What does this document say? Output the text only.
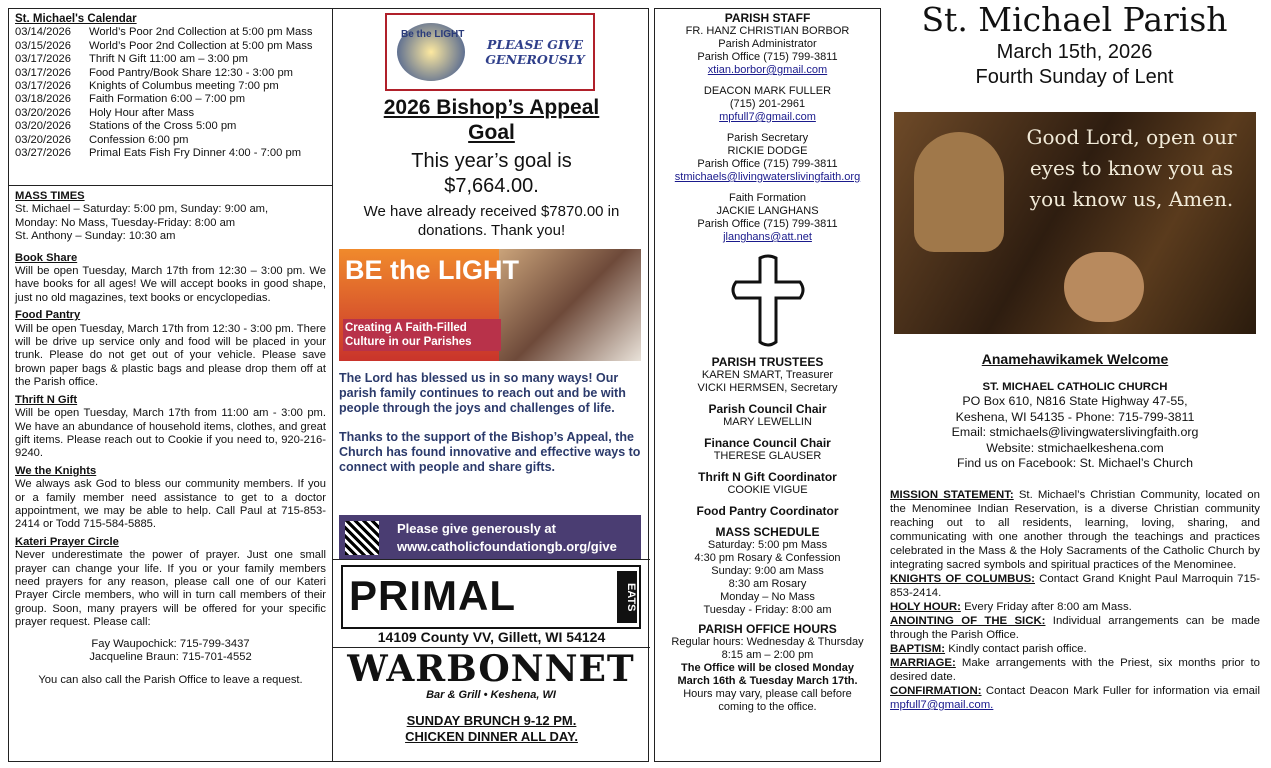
St. Michael's Calendar
03/14/2026 World’s Poor 2nd Collection at 5:00 pm Mass
03/15/2026 World’s Poor 2nd Collection at 5:00 pm Mass
03/17/2026 Thrift N Gift 11:00 am – 3:00 pm
03/17/2026 Food Pantry/Book Share 12:30 - 3:00 pm
03/17/2026 Knights of Columbus meeting 7:00 pm
03/18/2026 Faith Formation 6:00 – 7:00 pm
03/20/2026 Holy Hour after Mass
03/20/2026 Stations of the Cross 5:00 pm
03/20/2026 Confession 6:00 pm
03/27/2026 Primal Eats Fish Fry Dinner 4:00 - 7:00 pm
MASS TIMES
St. Michael – Saturday: 5:00 pm, Sunday: 9:00 am,
Monday: No Mass, Tuesday-Friday: 8:00 am
St. Anthony – Sunday: 10:30 am
Book Share
Will be open Tuesday, March 17th from 12:30 – 3:00 pm. We have books for all ages! We will accept books in good shape, just no old magazines, text books or encyclopedias.
Food Pantry
Will be open Tuesday, March 17th from 12:30 - 3:00 pm. There will be drive up service only and food will be placed in your trunk. Please do not get out of your vehicle. Please save brown paper bags & plastic bags and please drop them off at the Parish office.
Thrift N Gift
Will be open Tuesday, March 17th from 11:00 am - 3:00 pm. We have an abundance of household items, clothes, and great gift items. Please reach out to Cookie if you need to, 920-216-9240.
We the Knights
We always ask God to bless our community members. If you or a family member need assistance to get to a doctor appointment, we may be able to help. Call Paul at 715-853-2414 or Todd 715-584-5885.
Kateri Prayer Circle
Never underestimate the power of prayer. Just one small prayer can change your life. If you or your family members need prayers for any reason, please call one of our Kateri Prayer Circle members, who will in turn call members of their group. Soon, many prayers will be offered for your specific prayer request. Please call:
Fay Waupochick: 715-799-3437
Jacqueline Braun: 715-701-4552
You can also call the Parish Office to leave a request.
Be the LIGHT
PLEASE GIVE GENEROUSLY
2026 Bishop’s Appeal Goal
This year’s goal is
$7,664.00.
We have already received $7870.00 in donations. Thank you!
BE the LIGHT
Creating A Faith-Filled Culture in our Parishes
The Lord has blessed us in so many ways! Our parish family continues to reach out and be with people through the joys and challenges of life.
Thanks to the support of the Bishop’s Appeal, the Church has found innovative and effective ways to connect with people and share gifts.
Please give generously at
www.catholicfoundationgb.org/give
PRIMAL	EATS
14109 County VV, Gillett, WI 54124
WARBONNET
Bar & Grill • Keshena, WI
SUNDAY BRUNCH 9-12 PM.
CHICKEN DINNER ALL DAY.
PARISH STAFF
FR. HANZ CHRISTIAN BORBOR
Parish Administrator
Parish Office (715) 799-3811
xtian.borbor@gmail.com
DEACON MARK FULLER
(715) 201-2961
mpfull7@gmail.com
Parish Secretary
RICKIE DODGE
Parish Office (715) 799-3811
stmichaels@livingwaterslivingfaith.org
Faith Formation
JACKIE LANGHANS
Parish Office (715) 799-3811
jlanghans@att.net
PARISH TRUSTEES
KAREN SMART, Treasurer
VICKI HERMSEN, Secretary
Parish Council Chair
MARY LEWELLIN
Finance Council Chair
THERESE GLAUSER
Thrift N Gift Coordinator
COOKIE VIGUE
Food Pantry Coordinator
MASS SCHEDULE
Saturday: 5:00 pm Mass
4:30 pm Rosary & Confession
Sunday: 9:00 am Mass
8:30 am Rosary
Monday – No Mass
Tuesday - Friday: 8:00 am
PARISH OFFICE HOURS
Regular hours: Wednesday & Thursday
8:15 am – 2:00 pm
The Office will be closed Monday March 16th & Tuesday March 17th.
Hours may vary, please call before coming to the office.
St. Michael Parish
March 15th, 2026
Fourth Sunday of Lent
Good Lord, open our eyes to know you as you know us, Amen.
Anamehawikamek Welcome
ST. MICHAEL CATHOLIC CHURCH
PO Box 610, N816 State Highway 47-55,
Keshena, WI 54135 - Phone: 715-799-3811
Email: stmichaels@livingwaterslivingfaith.org
Website: stmichaelkeshena.com
Find us on Facebook: St. Michael’s Church
MISSION STATEMENT: St. Michael’s Christian Community, located on the Menominee Indian Reservation, is a diverse Christian community reaching out to all residents, learning, loving, sharing, and communicating with one another through the teachings and practices celebrated in the Mass & the Holy Sacraments of the Catholic Church by integrating sacred symbols and spiritual practices of the Menominee.
KNIGHTS OF COLUMBUS: Contact Grand Knight Paul Marroquin 715-853-2414.
HOLY HOUR: Every Friday after 8:00 am Mass.
ANOINTING OF THE SICK: Individual arrangements can be made through the Parish Office.
BAPTISM: Kindly contact parish office.
MARRIAGE: Make arrangements with the Priest, six months prior to desired date.
CONFIRMATION: Contact Deacon Mark Fuller for information via email mpfull7@gmail.com.
